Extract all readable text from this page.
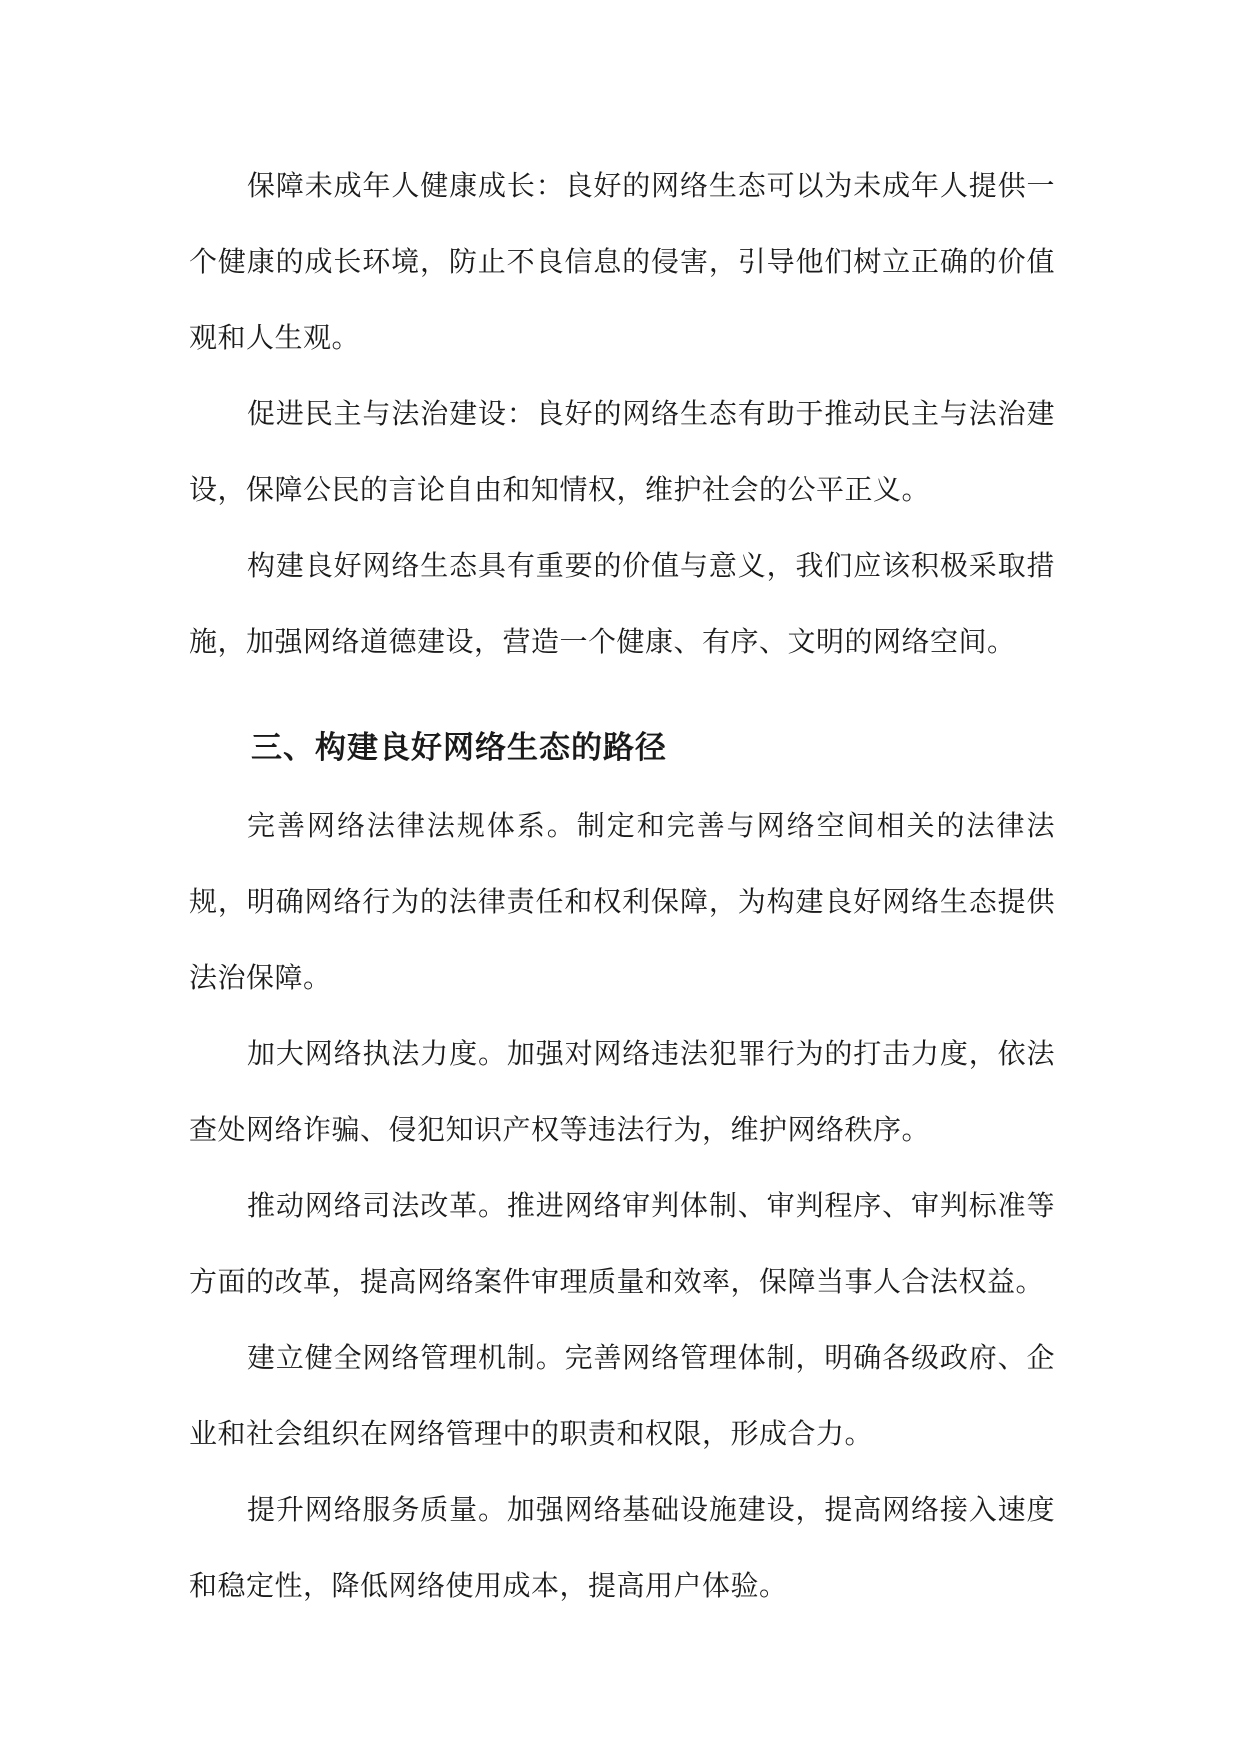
保障未成年人健康成长：良好的网络生态可以为未成年人提供一个健康的成长环境，防止不良信息的侵害，引导他们树立正确的价值观和人生观。

促进民主与法治建设：良好的网络生态有助于推动民主与法治建设，保障公民的言论自由和知情权，维护社会的公平正义。

构建良好网络生态具有重要的价值与意义，我们应该积极采取措施，加强网络道德建设，营造一个健康、有序、文明的网络空间。

三、构建良好网络生态的路径

完善网络法律法规体系。制定和完善与网络空间相关的法律法规，明确网络行为的法律责任和权利保障，为构建良好网络生态提供法治保障。

加大网络执法力度。加强对网络违法犯罪行为的打击力度，依法查处网络诈骗、侵犯知识产权等违法行为，维护网络秩序。

推动网络司法改革。推进网络审判体制、审判程序、审判标准等方面的改革，提高网络案件审理质量和效率，保障当事人合法权益。

建立健全网络管理机制。完善网络管理体制，明确各级政府、企业和社会组织在网络管理中的职责和权限，形成合力。

提升网络服务质量。加强网络基础设施建设，提高网络接入速度和稳定性，降低网络使用成本，提高用户体验。
